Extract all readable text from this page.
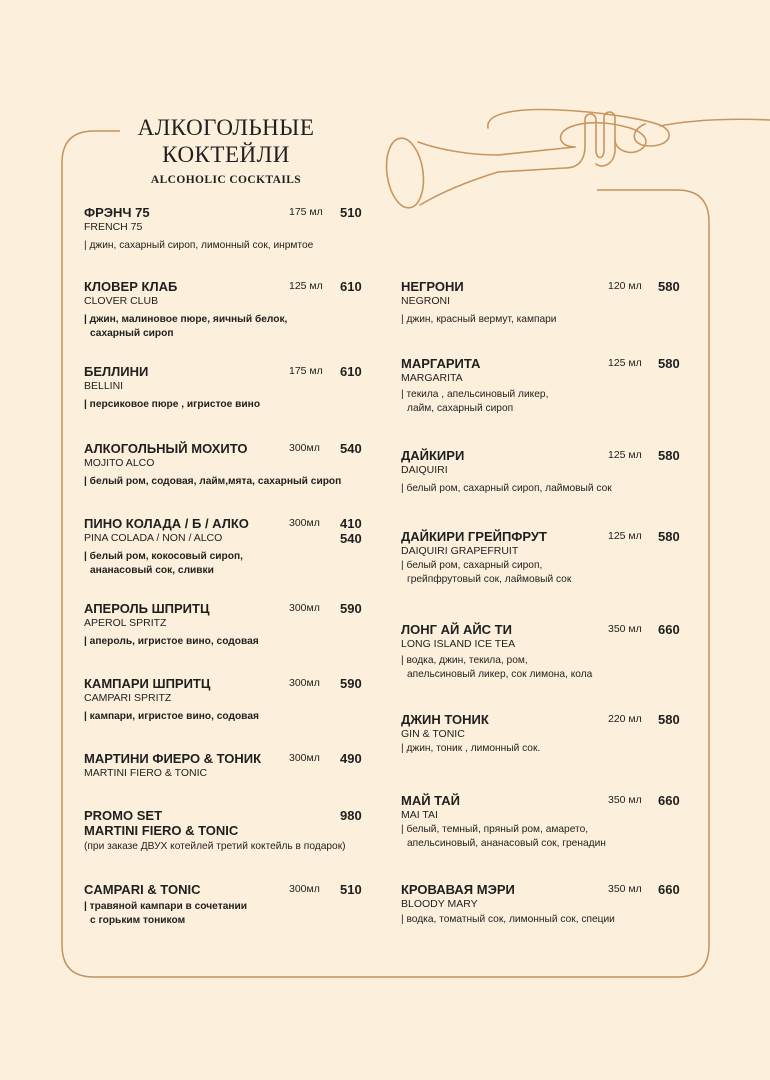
АЛКОГОЛЬНЫЕ
КОКТЕЙЛИ
ALCOHOLIC COCKTAILS
ФРЭНЧ 75	175 мл 510
FRENCH 75
| джин, сахарный сироп, лимонный сок, инрмтое
КЛОВЕР КЛАБ	125 мл 610
CLOVER CLUB
| джин, малиновое пюре, яичный белок,
сахарный сироп
БЕЛЛИНИ	175 мл 610
BELLINI
| персиковое пюре , игристое вино
АЛКОГОЛЬНЫЙ МОХИТО	300мл 540
MOJITO ALCO
| белый ром, содовая, лайм,мята, сахарный сироп
ПИНО КОЛАДА / Б / АЛКО	300мл 410
540
PINA COLADA / NON / ALCO
| белый ром, кокосовый сироп,
ананасовый сок, сливки
АПЕРОЛЬ ШПРИТЦ	300мл 590
APEROL SPRITZ
| апероль, игристое вино, содовая
КАМПАРИ ШПРИТЦ	300мл 590
CAMPARI SPRITZ
| кампари, игристое вино, содовая
МАРТИНИ ФИЕРО & ТОНИК	300мл 490
MARTINI FIERO & TONIC
PROMO SET
MARTINI FIERO & TONIC
980
(при заказе ДВУХ котейлей третий коктейль в подарок)
CAMPARI & TONIC	300мл 510
| травяной кампари в сочетании
с горьким тоником
НЕГРОНИ	120 мл 580
NEGRONI
| джин, красный вермут, кампари
МАРГАРИТА	125 мл 580
MARGARITA
| текила , апельсиновый ликер,
лайм, сахарный сироп
ДАЙКИРИ	125 мл 580
DAIQUIRI
| белый ром, сахарный сироп, лаймовый сок
ДАЙКИРИ ГРЕЙПФРУТ	125 мл 580
DAIQUIRI GRAPEFRUIT
| белый ром, сахарный сироп,
грейпфрутовый сок, лаймовый сок
ЛОНГ АЙ АЙС ТИ	350 мл 660
LONG ISLAND ICE TEA
| водка, джин, текила, ром,
апельсиновый ликер, сок лимона, кола
ДЖИН ТОНИК	220 мл 580
GIN & TONIC
| джин, тоник , лимонный сок.
МАЙ ТАЙ	350 мл 660
MAI TAI
| белый, темный, пряный ром, амарето,
апельсиновый, ананасовый сок, гренадин
КРОВАВАЯ МЭРИ	350 мл 660
BLOODY MARY
| водка, томатный сок, лимонный сок, специи
